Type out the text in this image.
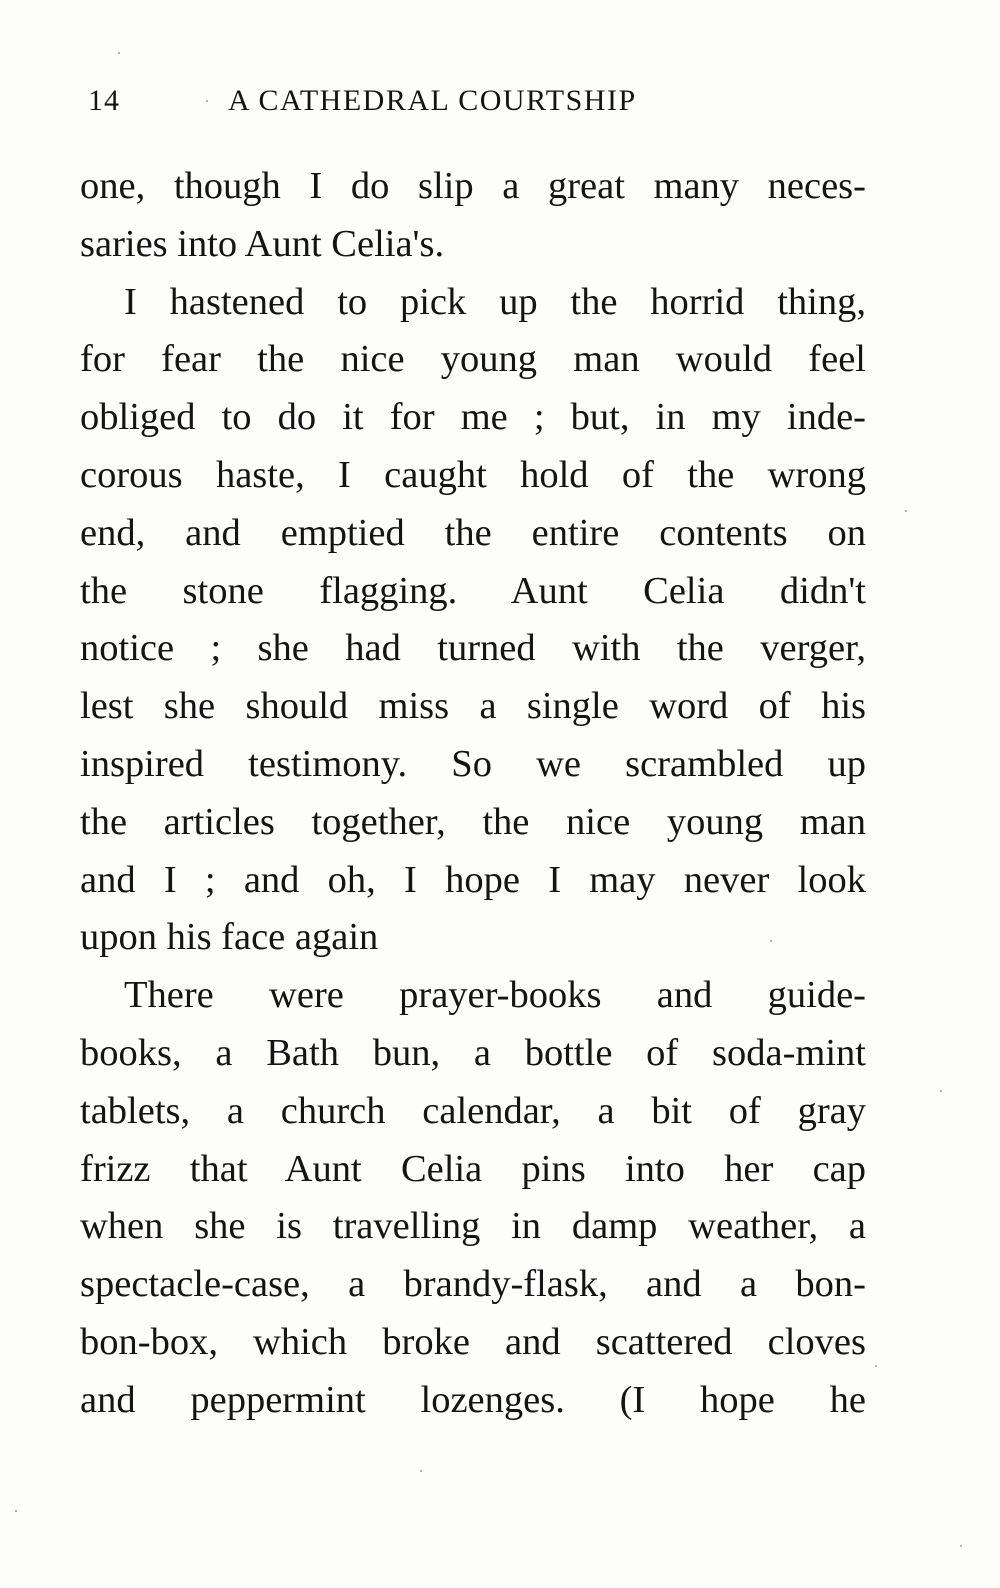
14	A CATHEDRAL COURTSHIP
one, though I do slip a great many neces-
saries into Aunt Celia's.
I hastened to pick up the horrid thing,
for fear the nice young man would feel
obliged to do it for me ; but, in my inde-
corous haste, I caught hold of the wrong
end, and emptied the entire contents on
the stone flagging. Aunt Celia didn't
notice ; she had turned with the verger,
lest she should miss a single word of his
inspired testimony. So we scrambled up
the articles together, the nice young man
and I ; and oh, I hope I may never look
upon his face again
There were prayer-books and guide-
books, a Bath bun, a bottle of soda-mint
tablets, a church calendar, a bit of gray
frizz that Aunt Celia pins into her cap
when she is travelling in damp weather, a
spectacle-case, a brandy-flask, and a bon-
bon-box, which broke and scattered cloves
and peppermint lozenges. (I hope he
